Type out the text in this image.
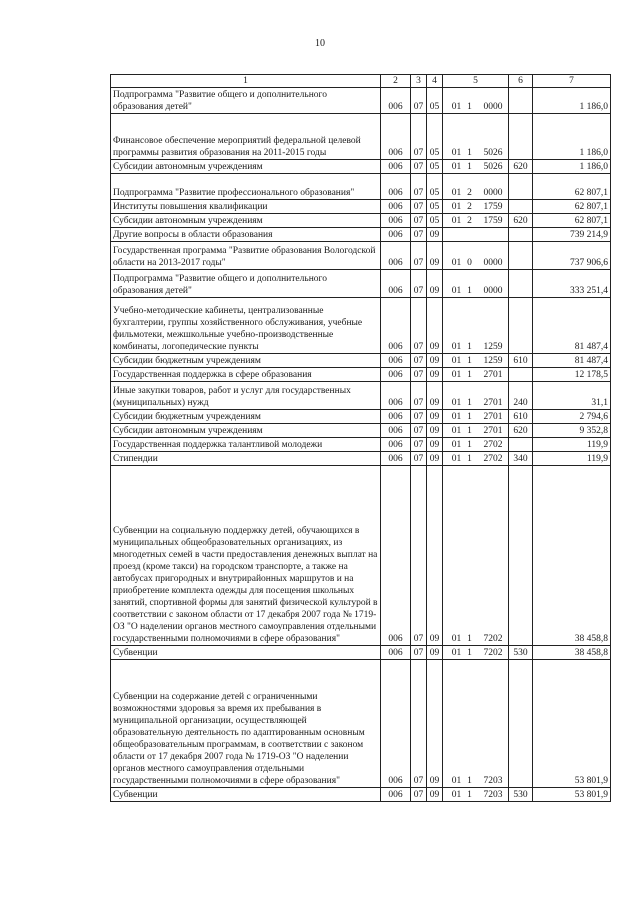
10
1	2	3	4	5	6	7
Подпрограмма "Развитие общего и дополнительного образования детей"	006	07	05	01 1 0000		1 186,0
Финансовое обеспечение мероприятий федеральной целевой программы развития образования на 2011-2015 годы	006	07	05	01 1 5026		1 186,0
Субсидии автономным учреждениям	006	07	05	01 1 5026	620	1 186,0
Подпрограмма "Развитие профессионального образования"	006	07	05	01 2 0000		62 807,1
Институты повышения квалификации	006	07	05	01 2 1759		62 807,1
Субсидии автономным учреждениям	006	07	05	01 2 1759	620	62 807,1
Другие вопросы в области образования	006	07	09			739 214,9
Государственная программа "Развитие образования Вологодской области на 2013-2017 годы"	006	07	09	01 0 0000		737 906,6
Подпрограмма "Развитие общего и дополнительного образования детей"	006	07	09	01 1 0000		333 251,4
Учебно-методические кабинеты, централизованные бухгалтерии, группы хозяйственного обслуживания, учебные фильмотеки, межшкольные учебно-производственные комбинаты, логопедические пункты	006	07	09	01 1 1259		81 487,4
Субсидии бюджетным учреждениям	006	07	09	01 1 1259	610	81 487,4
Государственная поддержка в сфере образования	006	07	09	01 1 2701		12 178,5
Иные закупки товаров, работ и услуг для государственных (муниципальных) нужд	006	07	09	01 1 2701	240	31,1
Субсидии бюджетным учреждениям	006	07	09	01 1 2701	610	2 794,6
Субсидии автономным учреждениям	006	07	09	01 1 2701	620	9 352,8
Государственная поддержка талантливой молодежи	006	07	09	01 1 2702		119,9
Стипендии	006	07	09	01 1 2702	340	119,9
Субвенции на социальную поддержку детей, обучающихся в муниципальных общеобразовательных организациях, из многодетных семей в части предоставления денежных выплат на проезд (кроме такси) на городском транспорте, а также на автобусах пригородных и внутрирайонных маршрутов и на приобретение комплекта одежды для посещения школьных занятий, спортивной формы для занятий физической культурой в соответствии с законом области от 17 декабря 2007 года № 1719-ОЗ "О наделении органов местного самоуправления отдельными государственными полномочиями в сфере образования"	006	07	09	01 1 7202		38 458,8
Субвенции	006	07	09	01 1 7202	530	38 458,8
Субвенции на содержание детей с ограниченными возможностями здоровья за время их пребывания в муниципальной организации, осуществляющей образовательную деятельность по адаптированным основным общеобразовательным программам, в соответствии с законом области от 17 декабря 2007 года № 1719-ОЗ "О наделении органов местного самоуправления отдельными государственными полномочиями в сфере образования"	006	07	09	01 1 7203		53 801,9
Субвенции	006	07	09	01 1 7203	530	53 801,9
